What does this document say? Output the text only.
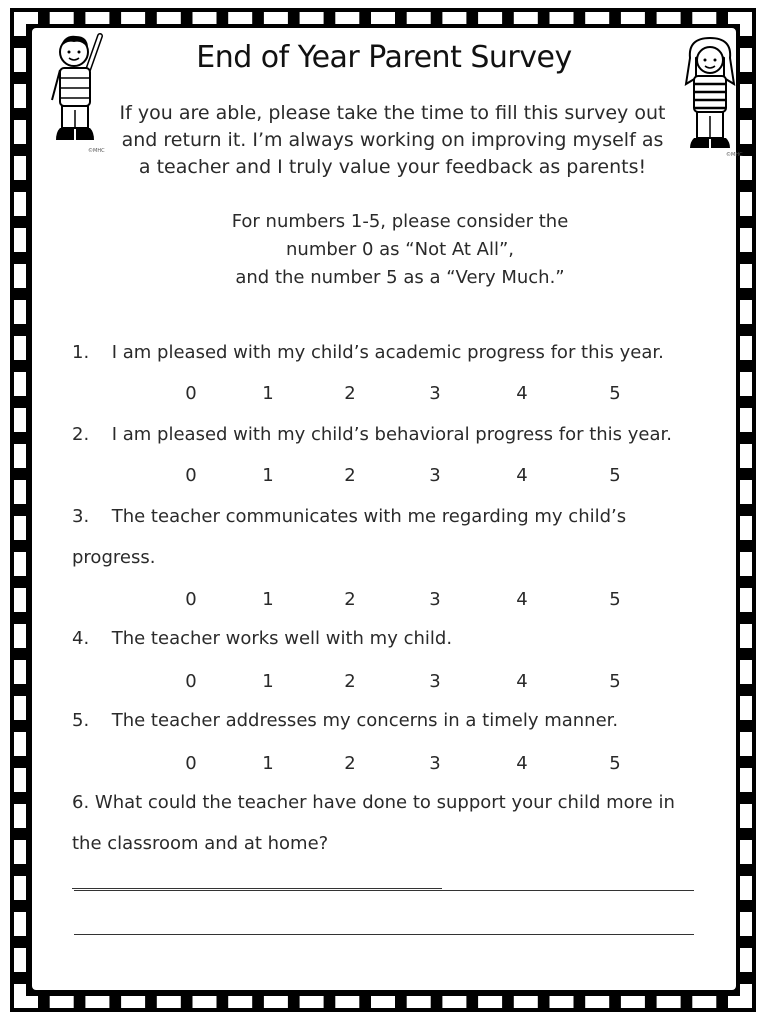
©MHC
©MHC
End of Year Parent Survey
If you are able, please take the time to fill this survey out and return it. I’m always working on improving myself as a teacher and I truly value your feedback as parents!
For numbers 1-5, please consider the
number 0 as “Not At All”,
and the number 5 as a “Very Much.”
1. I am pleased with my child’s academic progress for this year.
0	1	2	3	4	5
2. I am pleased with my child’s behavioral progress for this year.
0	1	2	3	4	5
3. The teacher communicates with me regarding my child’s
progress.
0	1	2	3	4	5
4. The teacher works well with my child.
0	1	2	3	4	5
5. The teacher addresses my concerns in a timely manner.
0	1	2	3	4	5
6. What could the teacher have done to support your child more in
the classroom and at home?
